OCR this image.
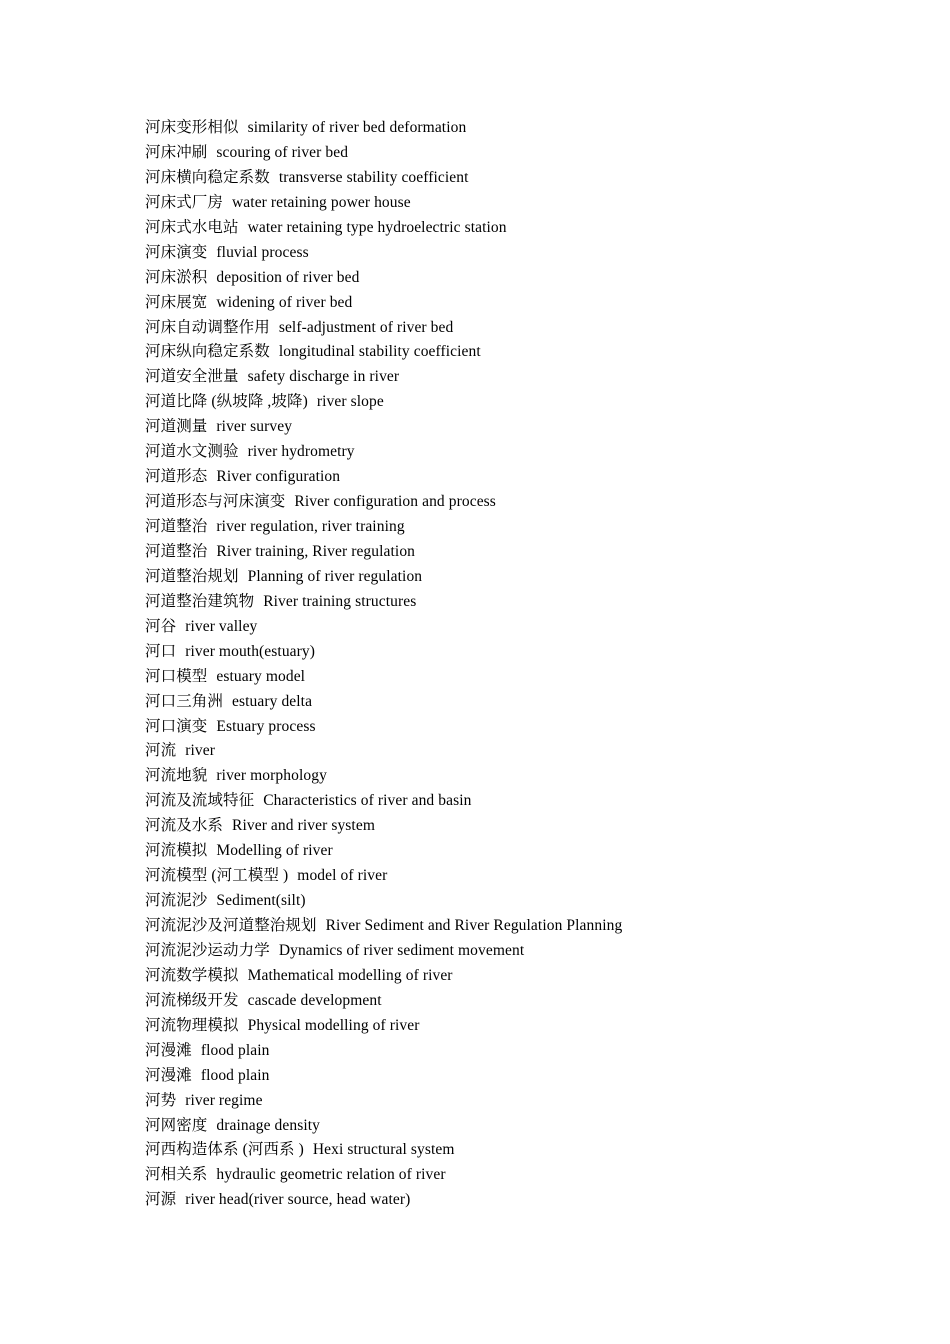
河床变形相似 similarity of river bed deformation
河床冲刷 scouring of river bed
河床横向稳定系数 transverse stability coefficient
河床式厂房 water retaining power house
河床式水电站 water retaining type hydroelectric station
河床演变 fluvial process
河床淤积 deposition of river bed
河床展宽 widening of river bed
河床自动调整作用 self-adjustment of river bed
河床纵向稳定系数 longitudinal stability coefficient
河道安全泄量 safety discharge in river
河道比降 (纵坡降 ,坡降) river slope
河道测量 river survey
河道水文测验 river hydrometry
河道形态 River configuration
河道形态与河床演变 River configuration and process
河道整治 river regulation, river training
河道整治 River training, River regulation
河道整治规划 Planning of river regulation
河道整治建筑物 River training structures
河谷 river valley
河口 river mouth(estuary)
河口模型 estuary model
河口三角洲 estuary delta
河口演变 Estuary process
河流 river
河流地貌 river morphology
河流及流域特征 Characteristics of river and basin
河流及水系 River and river system
河流模拟 Modelling of river
河流模型 (河工模型 ) model of river
河流泥沙 Sediment(silt)
河流泥沙及河道整治规划 River Sediment and River Regulation Planning
河流泥沙运动力学 Dynamics of river sediment movement
河流数学模拟 Mathematical modelling of river
河流梯级开发 cascade development
河流物理模拟 Physical modelling of river
河漫滩 flood plain
河漫滩 flood plain
河势 river regime
河网密度 drainage density
河西构造体系 (河西系 ) Hexi structural system
河相关系 hydraulic geometric relation of river
河源 river head(river source, head water)
